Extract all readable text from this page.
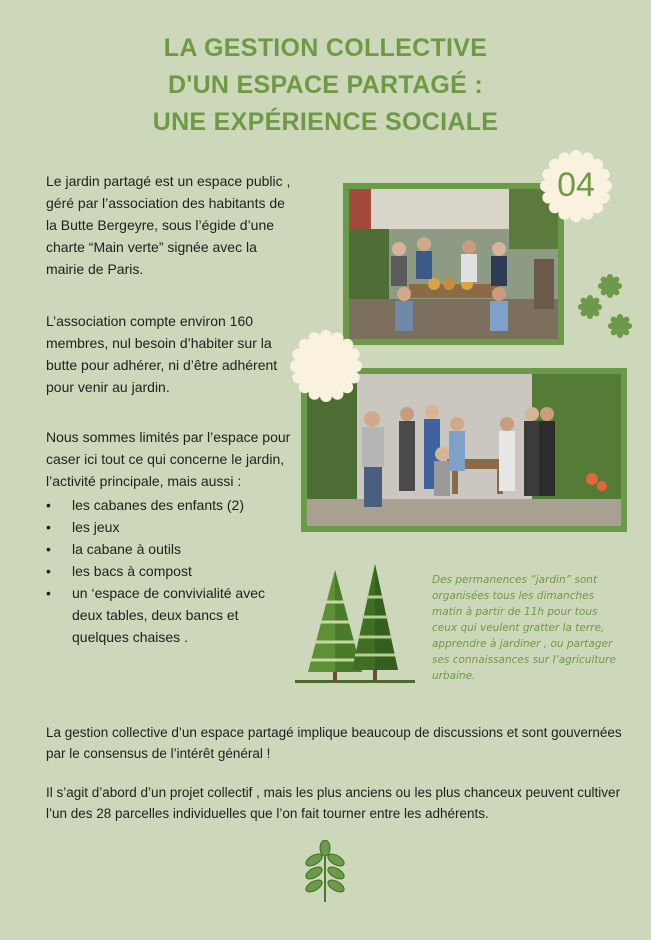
LA GESTION COLLECTIVE
D'UN ESPACE PARTAGÉ :
UNE EXPÉRIENCE SOCIALE

Le jardin partagé est un espace public , géré par l’association des habitants de la Butte Bergeyre, sous l’égide d’une charte “Main verte” signée avec la mairie de Paris.

L’association compte environ 160 membres, nul besoin d’habiter sur la butte pour adhérer, ni d’être adhérent pour venir au jardin.

Nous sommes limités par l’espace pour caser ici tout ce qui concerne le jardin, l’activité principale, mais aussi :

• les cabanes des enfants (2)
• les jeux
• la cabane à outils
• les bacs à compost
• un ‘espace de convivialité avec deux tables, deux bancs et quelques chaises .
04

Des permanences “jardin” sont organisées tous les dimanches matin à partir de 11h pour tous ceux qui veulent gratter la terre, apprendre à jardiner , ou partager ses connaissances sur l’agriculture urbaine.

La gestion collective d’un espace partagé implique beaucoup de discussions et sont gouvernées par le consensus de l’intérêt général !

Il s’agit d’abord d’un projet collectif , mais les plus anciens ou les plus chanceux peuvent cultiver l’un des 28 parcelles individuelles que l’on fait tourner entre les adhérents.
